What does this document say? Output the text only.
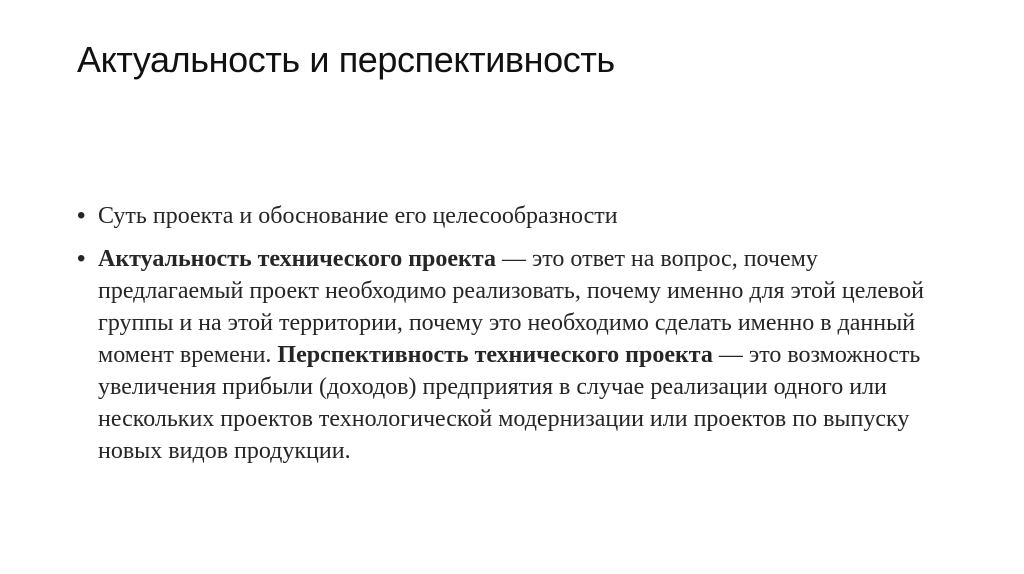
Актуальность и перспективность
• Суть проекта и обоснование его целесообразности
• Актуальность технического проекта — это ответ на вопрос, почему предлагаемый проект необходимо реализовать, почему именно для этой целевой группы и на этой территории, почему это необходимо сделать именно в данный момент времени. Перспективность технического проекта — это возможность увеличения прибыли (доходов) предприятия в случае реализации одного или нескольких проектов технологической модернизации или проектов по выпуску новых видов продукции.
